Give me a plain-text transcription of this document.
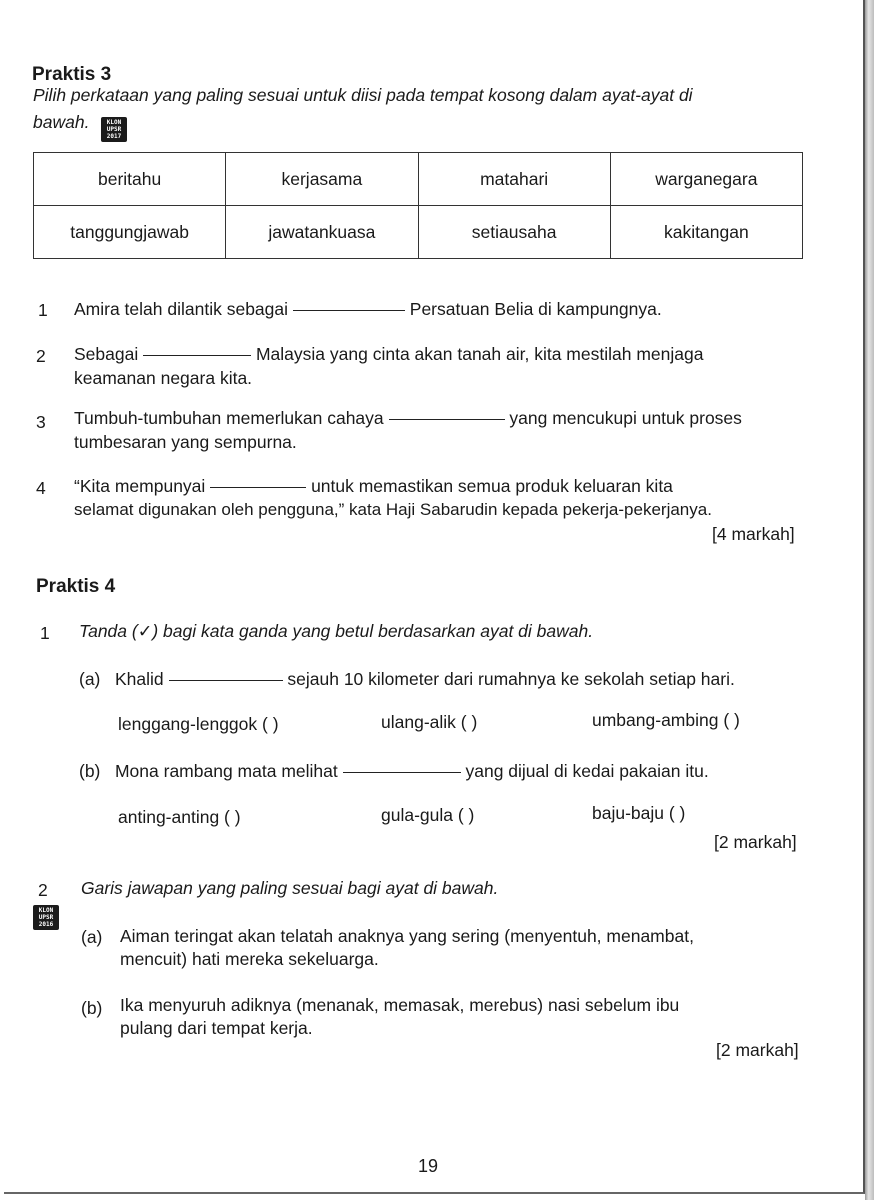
Praktis 3
Pilih perkataan yang paling sesuai untuk diisi pada tempat kosong dalam ayat-ayat di
bawah.	KLON
UPSR
2017
beritahu	kerjasama	matahari	warganegara
tanggungjawab	jawatankuasa	setiausaha	kakitangan
1 Amira telah dilantik sebagai	Persatuan Belia di kampungnya.
2 Sebagai	Malaysia yang cinta akan tanah air, kita mestilah menjaga
keamanan negara kita.
3 Tumbuh-tumbuhan memerlukan cahaya	yang mencukupi untuk proses
tumbesaran yang sempurna.
4 “Kita mempunyai	untuk memastikan semua produk keluaran kita
selamat digunakan oleh pengguna,” kata Haji Sabarudin kepada pekerja-pekerjanya.
[4 markah]
Praktis 4
1 Tanda (✓) bagi kata ganda yang betul berdasarkan ayat di bawah.
(a) Khalid	sejauh 10 kilometer dari rumahnya ke sekolah setiap hari.
lenggang-lenggok ( )	ulang-alik ( )	umbang-ambing ( )
(b) Mona rambang mata melihat	yang dijual di kedai pakaian itu.
anting-anting ( )	gula-gula ( )	baju-baju ( )
[2 markah]
2 Garis jawapan yang paling sesuai bagi ayat di bawah.
KLON
UPSR
2016
(a) Aiman teringat akan telatah anaknya yang sering (menyentuh, menambat,
mencuit) hati mereka sekeluarga.
(b) Ika menyuruh adiknya (menanak, memasak, merebus) nasi sebelum ibu
pulang dari tempat kerja.
[2 markah]
19
